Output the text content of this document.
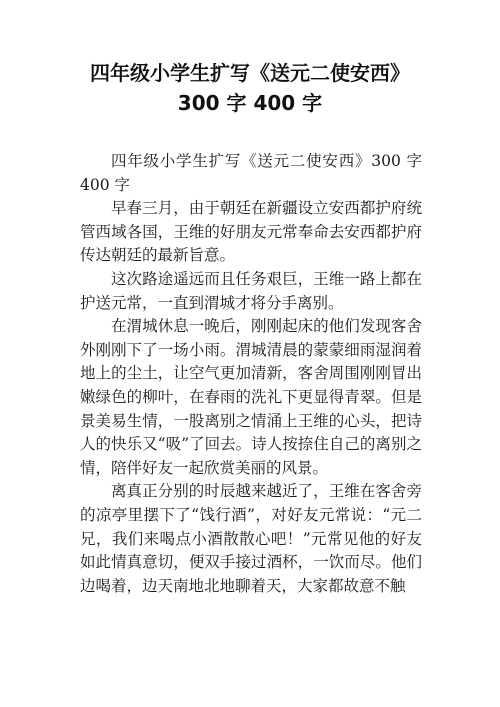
四年级小学生扩写《送元二使安西》
300 字 400 字

四年级小学生扩写《送元二使安西》300 字 400 字

早春三月，由于朝廷在新疆设立安西都护府统管西域各国，王维的好朋友元常奉命去安西都护府传达朝廷的最新旨意。

这次路途遥远而且任务艰巨，王维一路上都在护送元常，一直到渭城才将分手离别。

在渭城休息一晚后，刚刚起床的他们发现客舍外刚刚下了一场小雨。渭城清晨的蒙蒙细雨湿润着地上的尘土，让空气更加清新，客舍周围刚刚冒出嫩绿色的柳叶，在春雨的洗礼下更显得青翠。但是景美易生情，一股离别之情涌上王维的心头，把诗人的快乐又“吸”了回去。诗人按捺住自己的离别之情，陪伴好友一起欣赏美丽的风景。

离真正分别的时辰越来越近了，王维在客舍旁的凉亭里摆下了“饯行酒”，对好友元常说：“元二兄，我们来喝点小酒散散心吧！”元常见他的好友如此情真意切，便双手接过酒杯，一饮而尽。他们边喝着，边天南地北地聊着天，大家都故意不触
